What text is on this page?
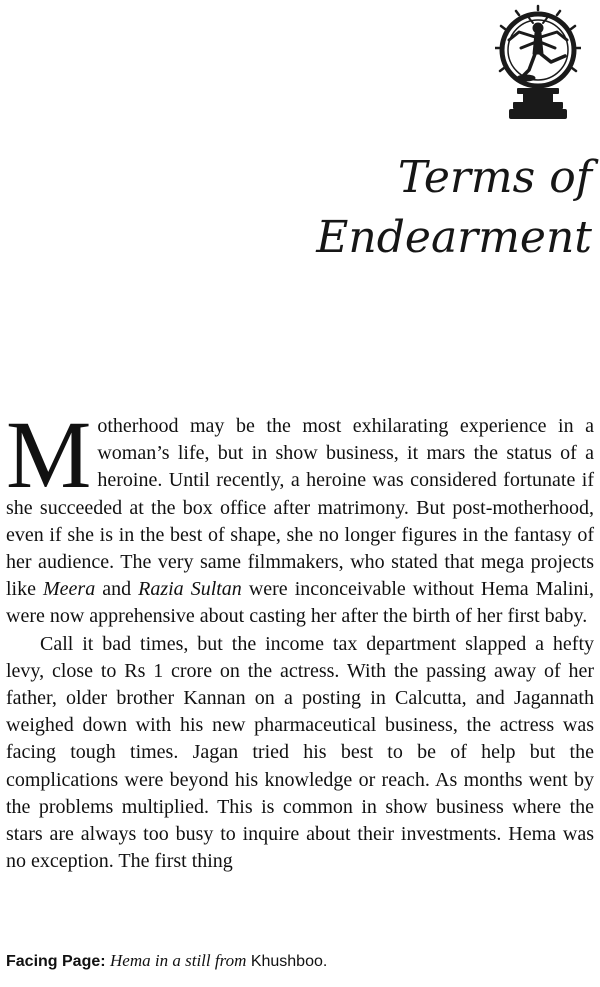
Terms of Endearment

Motherhood may be the most exhilarating experience in a woman’s life, but in show business, it mars the status of a heroine. Until recently, a heroine was considered fortunate if she succeeded at the box office after matrimony. But post-motherhood, even if she is in the best of shape, she no longer figures in the fantasy of her audience. The very same filmmakers, who stated that mega projects like Meera and Razia Sultan were inconceivable without Hema Malini, were now apprehensive about casting her after the birth of her first baby.

Call it bad times, but the income tax department slapped a hefty levy, close to Rs 1 crore on the actress. With the passing away of her father, older brother Kannan on a posting in Calcutta, and Jagannath weighed down with his new pharmaceutical business, the actress was facing tough times. Jagan tried his best to be of help but the complications were beyond his knowledge or reach. As months went by the problems multiplied. This is common in show business where the stars are always too busy to inquire about their investments. Hema was no exception. The first thing

Facing Page: Hema in a still from Khushboo.
